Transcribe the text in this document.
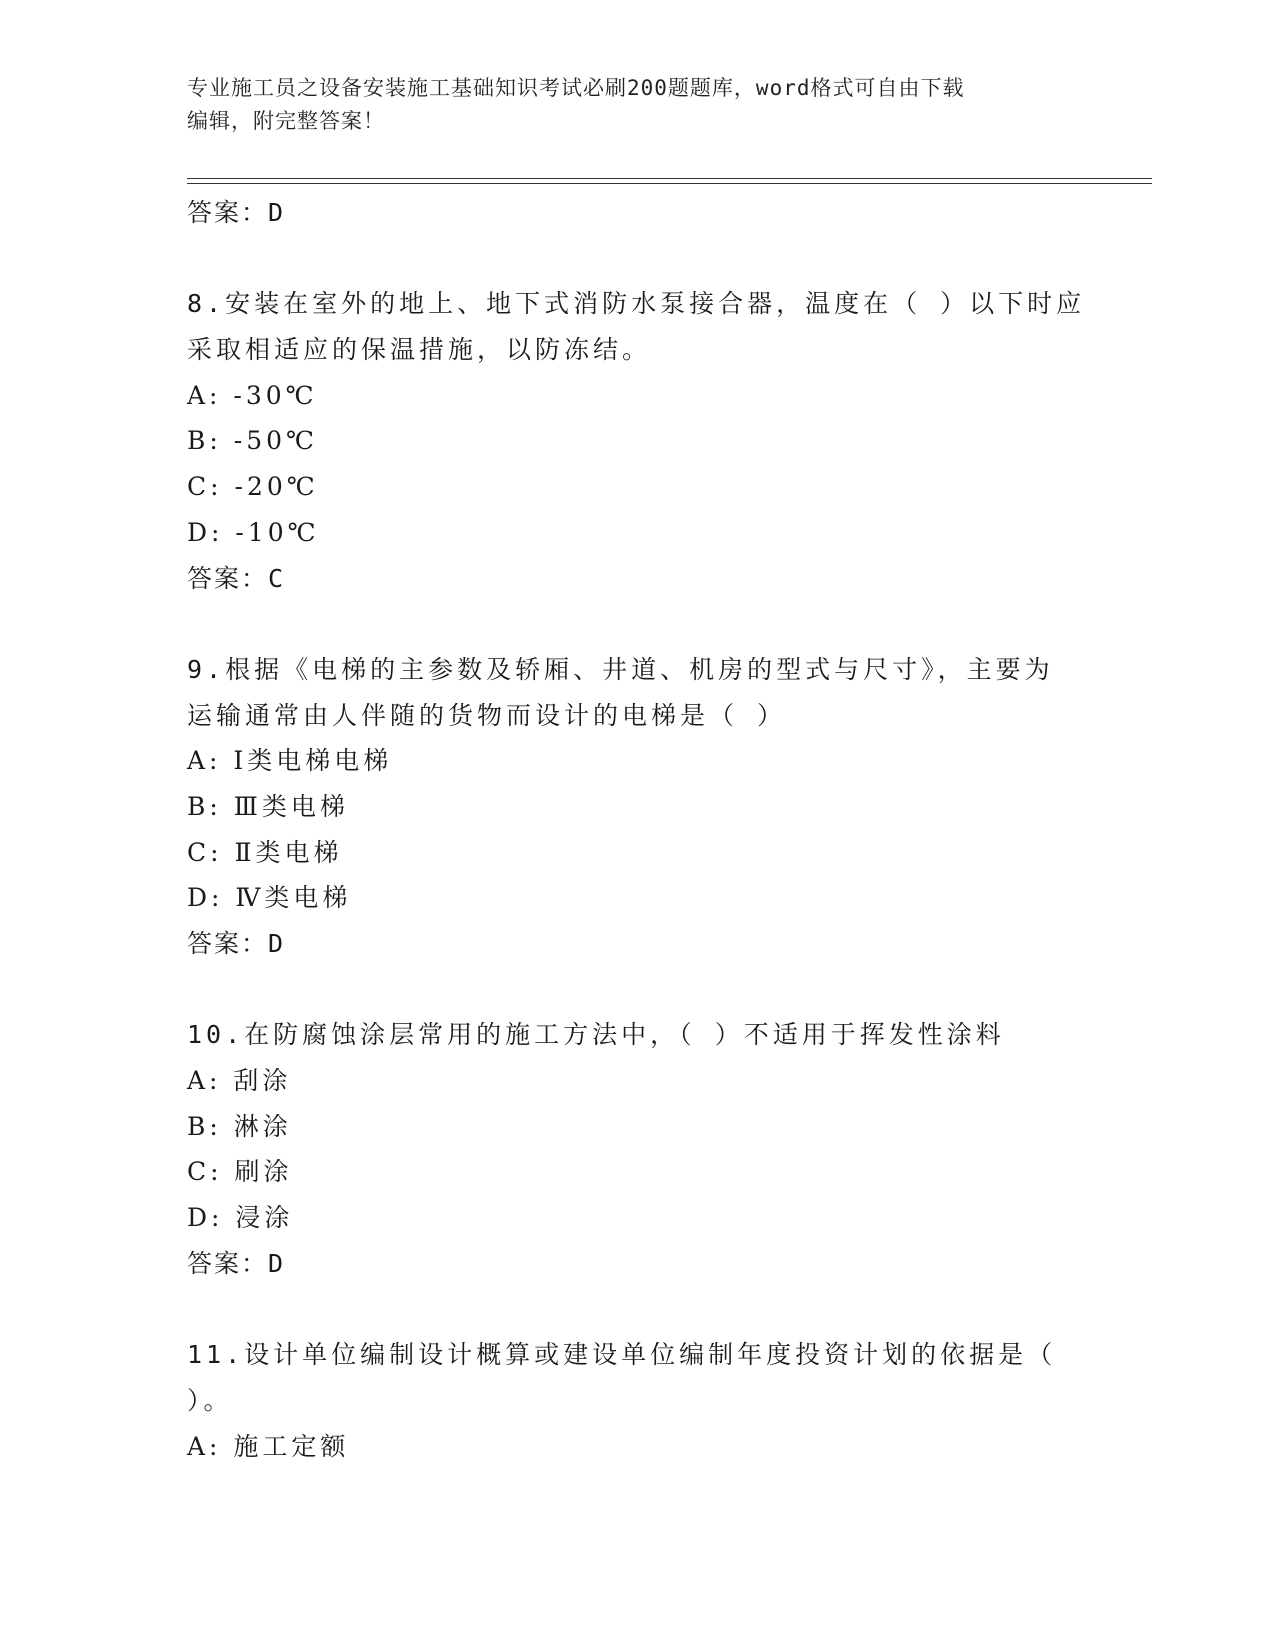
专业施工员之设备安装施工基础知识考试必刷200题题库，word格式可自由下载
编辑，附完整答案！
答案：D
8.安装在室外的地上、地下式消防水泵接合器，温度在（ ）以下时应
采取相适应的保温措施，以防冻结。
A: -30℃
B: -50℃
C: -20℃
D: -10℃
答案：C
9.根据《电梯的主参数及轿厢、井道、机房的型式与尺寸》，主要为
运输通常由人伴随的货物而设计的电梯是（ ）
A: Ⅰ类电梯电梯
B: Ⅲ类电梯
C: Ⅱ类电梯
D: Ⅳ类电梯
答案：D
10.在防腐蚀涂层常用的施工方法中，（ ）不适用于挥发性涂料
A: 刮涂
B: 淋涂
C: 刷涂
D: 浸涂
答案：D
11.设计单位编制设计概算或建设单位编制年度投资计划的依据是（
）。
A: 施工定额
